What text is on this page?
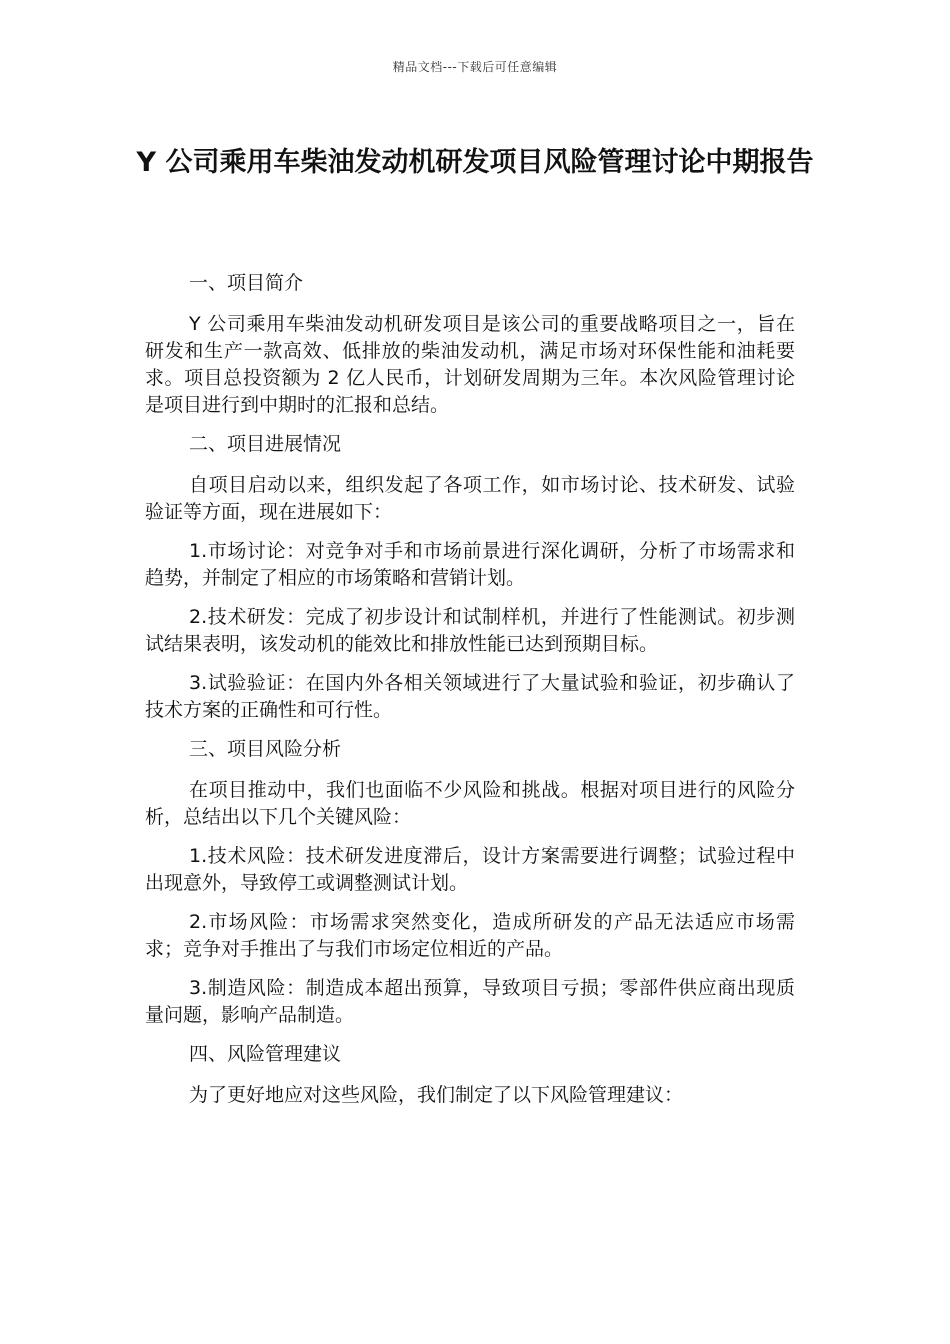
精品文档---下载后可任意编辑
Y 公司乘用车柴油发动机研发项目风险管理讨论中期报告

一、项目简介

Y 公司乘用车柴油发动机研发项目是该公司的重要战略项目之一，旨在研发和生产一款高效、低排放的柴油发动机，满足市场对环保性能和油耗要求。项目总投资额为 2 亿人民币，计划研发周期为三年。本次风险管理讨论是项目进行到中期时的汇报和总结。

二、项目进展情况

自项目启动以来，组织发起了各项工作，如市场讨论、技术研发、试验验证等方面，现在进展如下：

1.市场讨论：对竞争对手和市场前景进行深化调研，分析了市场需求和趋势，并制定了相应的市场策略和营销计划。

2.技术研发：完成了初步设计和试制样机，并进行了性能测试。初步测试结果表明，该发动机的能效比和排放性能已达到预期目标。

3.试验验证：在国内外各相关领域进行了大量试验和验证，初步确认了技术方案的正确性和可行性。

三、项目风险分析

在项目推动中，我们也面临不少风险和挑战。根据对项目进行的风险分析，总结出以下几个关键风险：

1.技术风险：技术研发进度滞后，设计方案需要进行调整；试验过程中出现意外，导致停工或调整测试计划。

2.市场风险：市场需求突然变化，造成所研发的产品无法适应市场需求；竞争对手推出了与我们市场定位相近的产品。

3.制造风险：制造成本超出预算，导致项目亏损；零部件供应商出现质量问题，影响产品制造。

四、风险管理建议

为了更好地应对这些风险，我们制定了以下风险管理建议：
